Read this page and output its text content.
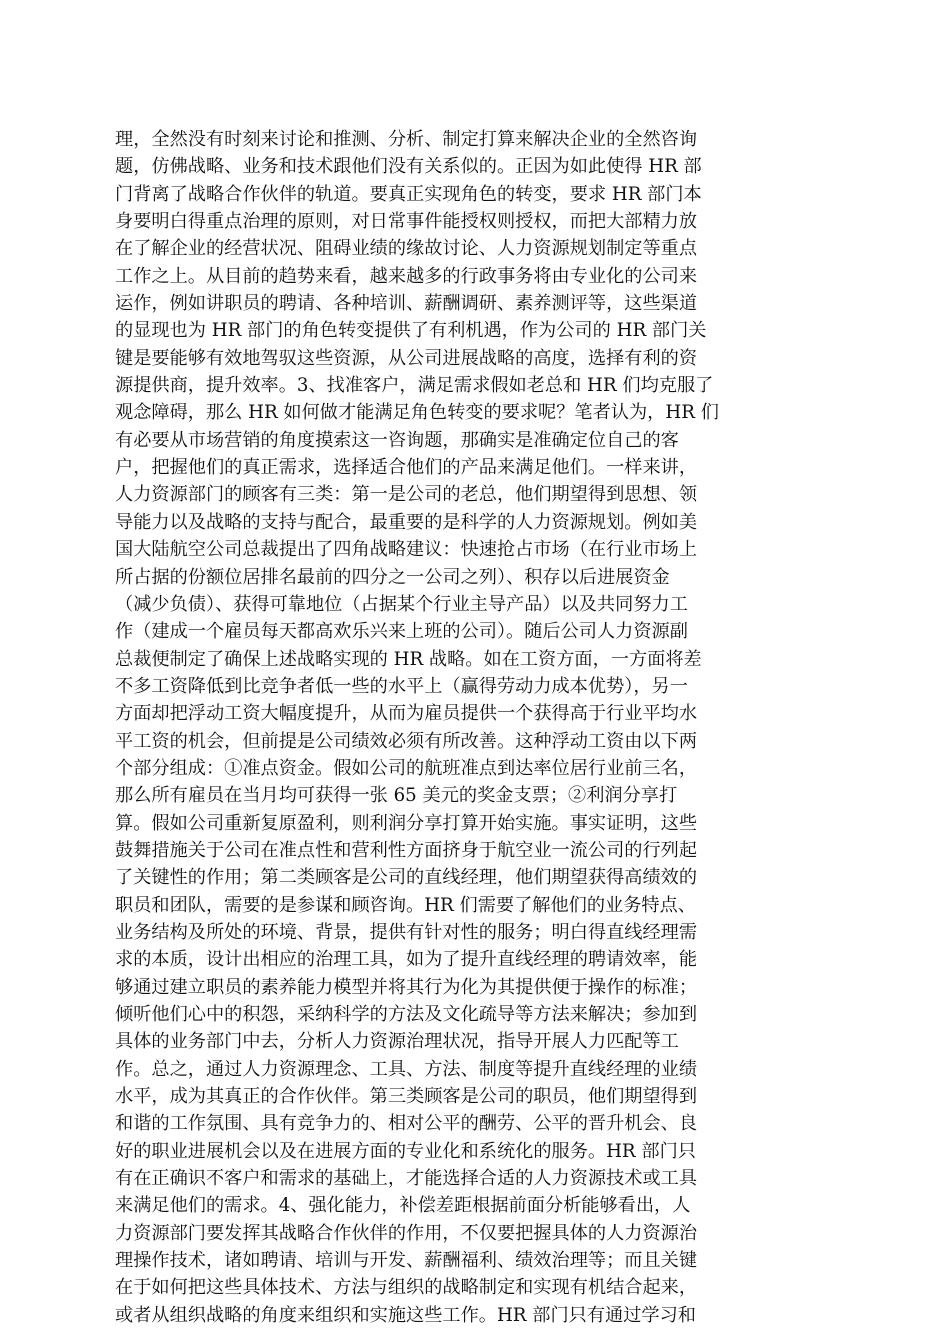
理，全然没有时刻来讨论和推测、分析、制定打算来解决企业的全然咨询
题，仿佛战略、业务和技术跟他们没有关系似的。正因为如此使得 HR 部
门背离了战略合作伙伴的轨道。要真正实现角色的转变，要求 HR 部门本
身要明白得重点治理的原则，对日常事件能授权则授权，而把大部精力放
在了解企业的经营状况、阻碍业绩的缘故讨论、人力资源规划制定等重点
工作之上。从目前的趋势来看，越来越多的行政事务将由专业化的公司来
运作，例如讲职员的聘请、各种培训、薪酬调研、素养测评等，这些渠道
的显现也为 HR 部门的角色转变提供了有利机遇，作为公司的 HR 部门关
键是要能够有效地驾驭这些资源，从公司进展战略的高度，选择有利的资
源提供商，提升效率。3、找准客户，满足需求假如老总和 HR 们均克服了
观念障碍，那么 HR 如何做才能满足角色转变的要求呢？笔者认为，HR 们
有必要从市场营销的角度摸索这一咨询题，那确实是准确定位自己的客
户，把握他们的真正需求，选择适合他们的产品来满足他们。一样来讲，
人力资源部门的顾客有三类：第一是公司的老总，他们期望得到思想、领
导能力以及战略的支持与配合，最重要的是科学的人力资源规划。例如美
国大陆航空公司总裁提出了四角战略建议：快速抢占市场（在行业市场上
所占据的份额位居排名最前的四分之一公司之列）、积存以后进展资金
（减少负债）、获得可靠地位（占据某个行业主导产品）以及共同努力工
作（建成一个雇员每天都高欢乐兴来上班的公司）。随后公司人力资源副
总裁便制定了确保上述战略实现的 HR 战略。如在工资方面，一方面将差
不多工资降低到比竞争者低一些的水平上（赢得劳动力成本优势），另一
方面却把浮动工资大幅度提升，从而为雇员提供一个获得高于行业平均水
平工资的机会，但前提是公司绩效必须有所改善。这种浮动工资由以下两
个部分组成：①准点资金。假如公司的航班准点到达率位居行业前三名，
那么所有雇员在当月均可获得一张 65 美元的奖金支票；②利润分享打
算。假如公司重新复原盈利，则利润分享打算开始实施。事实证明，这些
鼓舞措施关于公司在准点性和营利性方面挤身于航空业一流公司的行列起
了关键性的作用；第二类顾客是公司的直线经理，他们期望获得高绩效的
职员和团队，需要的是参谋和顾咨询。HR 们需要了解他们的业务特点、
业务结构及所处的环境、背景，提供有针对性的服务；明白得直线经理需
求的本质，设计出相应的治理工具，如为了提升直线经理的聘请效率，能
够通过建立职员的素养能力模型并将其行为化为其提供便于操作的标准；
倾听他们心中的积怨，采纳科学的方法及文化疏导等方法来解决；参加到
具体的业务部门中去，分析人力资源治理状况，指导开展人力匹配等工
作。总之，通过人力资源理念、工具、方法、制度等提升直线经理的业绩
水平，成为其真正的合作伙伴。第三类顾客是公司的职员，他们期望得到
和谐的工作氛围、具有竞争力的、相对公平的酬劳、公平的晋升机会、良
好的职业进展机会以及在进展方面的专业化和系统化的服务。HR 部门只
有在正确识不客户和需求的基础上，才能选择合适的人力资源技术或工具
来满足他们的需求。4、强化能力，补偿差距根据前面分析能够看出，人
力资源部门要发挥其战略合作伙伴的作用，不仅要把握具体的人力资源治
理操作技术，诸如聘请、培训与开发、薪酬福利、绩效治理等；而且关键
在于如何把这些具体技术、方法与组织的战略制定和实现有机结合起来，
或者从组织战略的角度来组织和实施这些工作。HR 部门只有通过学习和
